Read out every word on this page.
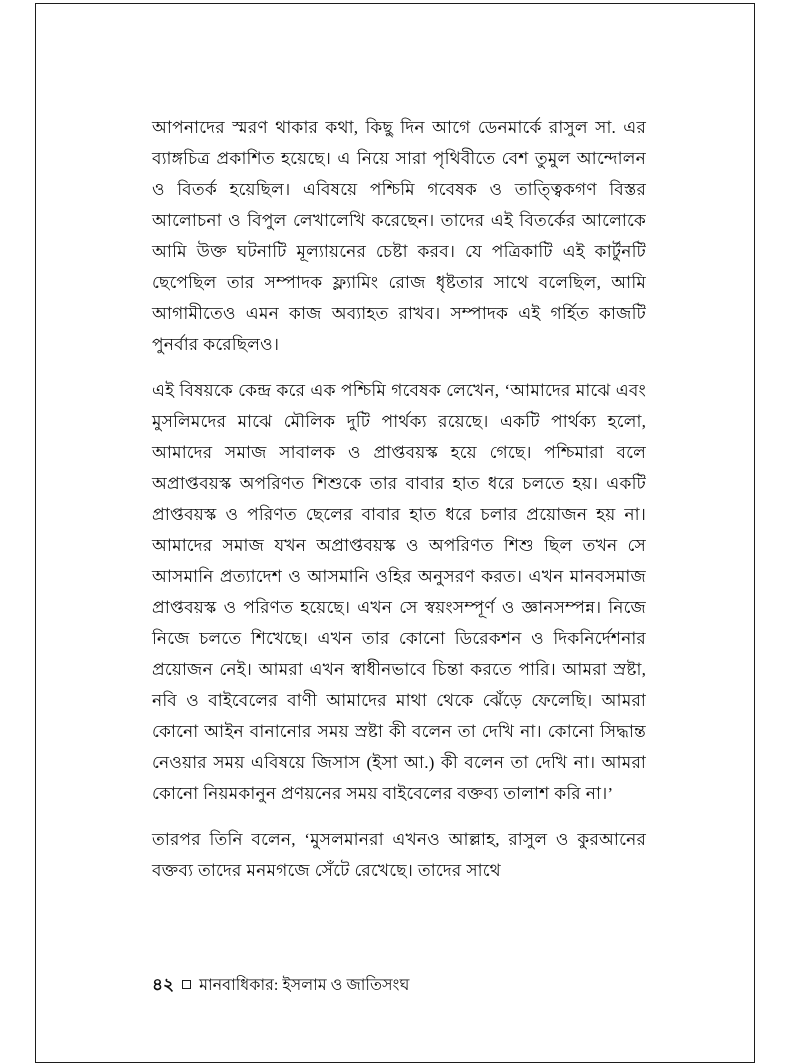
আপনাদের স্মরণ থাকার কথা, কিছু দিন আগে ডেনমার্কে রাসুল সা. এর ব্যাঙ্গচিত্র প্রকাশিত হয়েছে। এ নিয়ে সারা পৃথিবীতে বেশ তুমুল আন্দোলন ও বিতর্ক হয়েছিল। এবিষয়ে পশ্চিমি গবেষক ও তাত্ত্বিকগণ বিস্তর আলোচনা ও বিপুল লেখালেখি করেছেন। তাদের এই বিতর্কের আলোকে আমি উক্ত ঘটনাটি মূল্যায়নের চেষ্টা করব। যে পত্রিকাটি এই কার্টুনটি ছেপেছিল তার সম্পাদক ফ্ল্যামিং রোজ ধৃষ্টতার সাথে বলেছিল, আমি আগামীতেও এমন কাজ অব্যাহত রাখব। সম্পাদক এই গর্হিত কাজটি পুনর্বার করেছিলও।

এই বিষয়কে কেন্দ্র করে এক পশ্চিমি গবেষক লেখেন, ‘আমাদের মাঝে এবং মুসলিমদের মাঝে মৌলিক দুটি পার্থক্য রয়েছে। একটি পার্থক্য হলো, আমাদের সমাজ সাবালক ও প্রাপ্তবয়স্ক হয়ে গেছে। পশ্চিমারা বলে অপ্রাপ্তবয়স্ক অপরিণত শিশুকে তার বাবার হাত ধরে চলতে হয়। একটি প্রাপ্তবয়স্ক ও পরিণত ছেলের বাবার হাত ধরে চলার প্রয়োজন হয় না। আমাদের সমাজ যখন অপ্রাপ্তবয়স্ক ও অপরিণত শিশু ছিল তখন সে আসমানি প্রত্যাদেশ ও আসমানি ওহির অনুসরণ করত। এখন মানবসমাজ প্রাপ্তবয়স্ক ও পরিণত হয়েছে। এখন সে স্বয়ংসম্পূর্ণ ও জ্ঞানসম্পন্ন। নিজে নিজে চলতে শিখেছে। এখন তার কোনো ডিরেকশন ও দিকনির্দেশনার প্রয়োজন নেই। আমরা এখন স্বাধীনভাবে চিন্তা করতে পারি। আমরা স্রষ্টা, নবি ও বাইবেলের বাণী আমাদের মাথা থেকে ঝেঁড়ে ফেলেছি। আমরা কোনো আইন বানানোর সময় স্রষ্টা কী বলেন তা দেখি না। কোনো সিদ্ধান্ত নেওয়ার সময় এবিষয়ে জিসাস (ইসা আ.) কী বলেন তা দেখি না। আমরা কোনো নিয়মকানুন প্রণয়নের সময় বাইবেলের বক্তব্য তালাশ করি না।’

তারপর তিনি বলেন, ‘মুসলমানরা এখনও আল্লাহ, রাসুল ও কুরআনের বক্তব্য তাদের মনমগজে সেঁটে রেখেছে। তাদের সাথে

৪২ মানবাধিকার: ইসলাম ও জাতিসংঘ
